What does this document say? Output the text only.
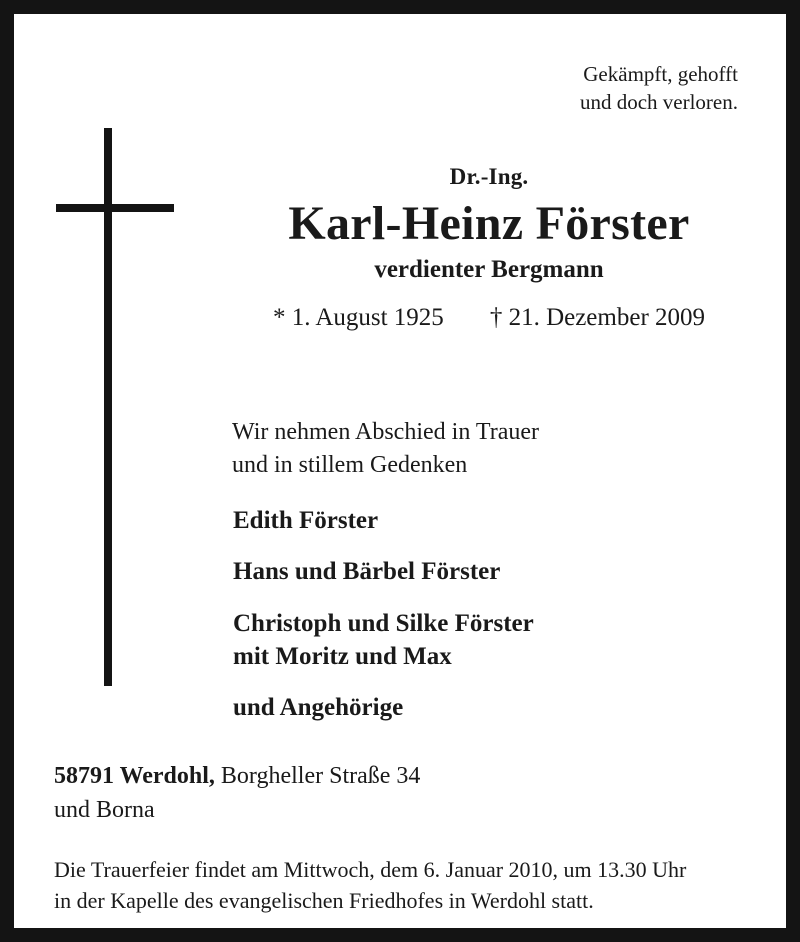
Gekämpft, gehofft
und doch verloren.
Dr.-Ing.
Karl-Heinz Förster
verdienter Bergmann
* 1. August 1925 † 21. Dezember 2009
Wir nehmen Abschied in Trauer
und in stillem Gedenken
Edith Förster
Hans und Bärbel Förster
Christoph und Silke Förster
mit Moritz und Max
und Angehörige
58791 Werdohl, Borgheller Straße 34
und Borna
Die Trauerfeier findet am Mittwoch, dem 6. Januar 2010, um 13.30 Uhr
in der Kapelle des evangelischen Friedhofes in Werdohl statt.
